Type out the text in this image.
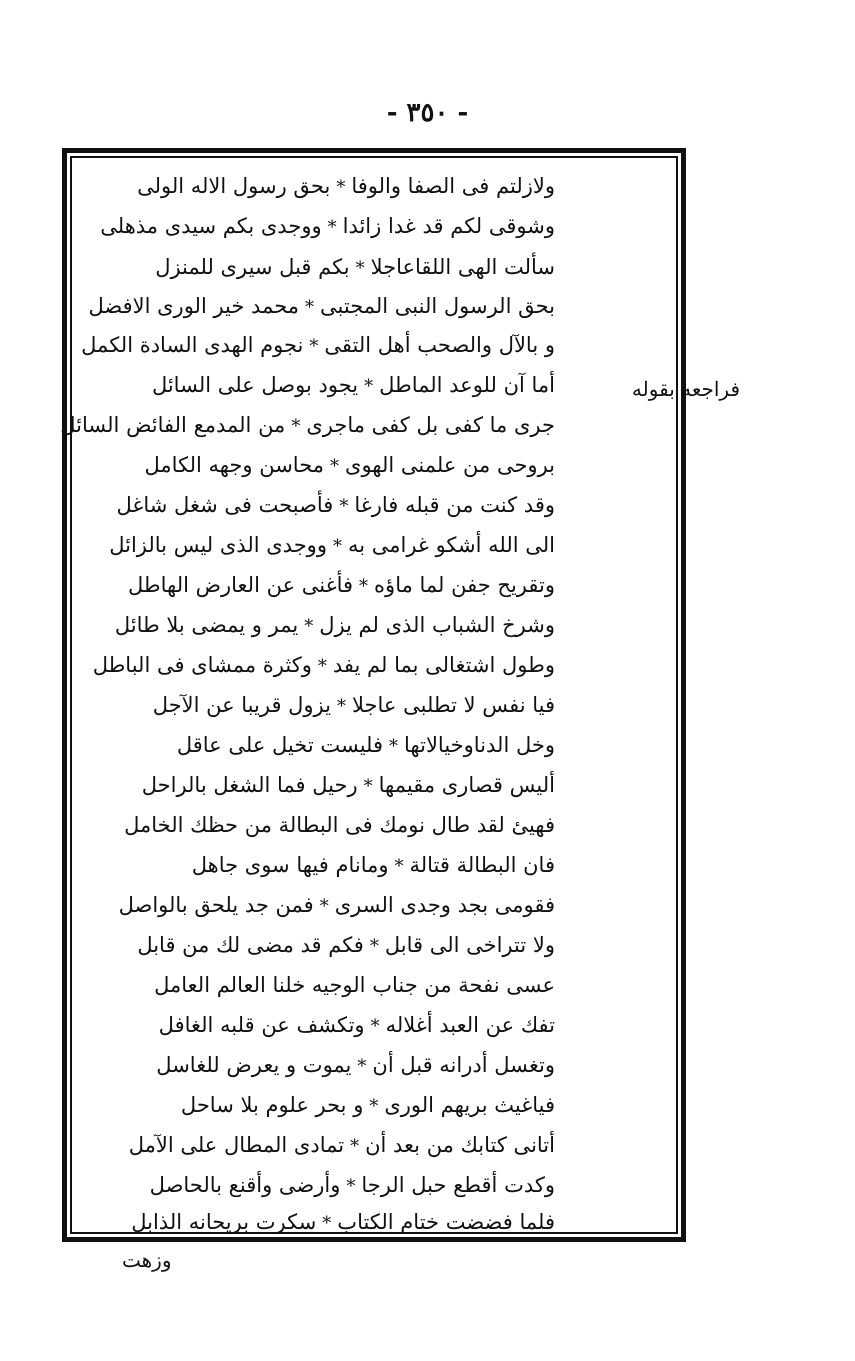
- ٣٥٠ -
ولازلتم فى الصفا والوفا*بحق رسول الاله الولى
وشوقى لكم قد غدا زائدا*ووجدى بكم سيدى مذهلى
سألت الهى اللقاعاجلا*بكم قبل سيرى للمنزل
بحق الرسول النبى المجتبى*محمد خير الورى الافضل
و بالآل والصحب أهل التقى*نجوم الهدى السادة الكمل
أما آن للوعد الماطل*يجود بوصل على السائل
جرى ما كفى بل كفى ماجرى*من المدمع الفائض السائل
بروحى من علمنى الهوى*محاسن وجهه الكامل
وقد كنت من قبله فارغا*فأصبحت فى شغل شاغل
الى الله أشكو غرامى به*ووجدى الذى ليس بالزائل
وتقريح جفن لما ماؤه*فأغنى عن العارض الهاطل
وشرخ الشباب الذى لم يزل*يمر و يمضى بلا طائل
وطول اشتغالى بما لم يفد*وكثرة ممشاى فى الباطل
فيا نفس لا تطلبى عاجلا*يزول قريبا عن الآجل
وخل الدناوخيالاتها*فليست تخيل على عاقل
أليس قصارى مقيمها*رحيل فما الشغل بالراحل
فهيئ لقد طال نومك فى البطالة من حظك الخامل
فان البطالة قتالة*ومانام فيها سوى جاهل
فقومى بجد وجدى السرى*فمن جد يلحق بالواصل
ولا تتراخى الى قابل*فكم قد مضى لك من قابل
عسى نفحة من جناب الوجيه خلنا العالم العامل
تفك عن العبد أغلاله*وتكشف عن قلبه الغافل
وتغسل أدرانه قبل أن*يموت و يعرض للغاسل
فياغيث بريهم الورى*و بحر علوم بلا ساحل
أتانى كتابك من بعد أن*تمادى المطال على الآمل
وكدت أقطع حبل الرجا*وأرضى وأقنع بالحاصل
فلما فضضت ختام الكتاب*سكرت بريحانه الذابل
فراجعه بقوله
وزهت
